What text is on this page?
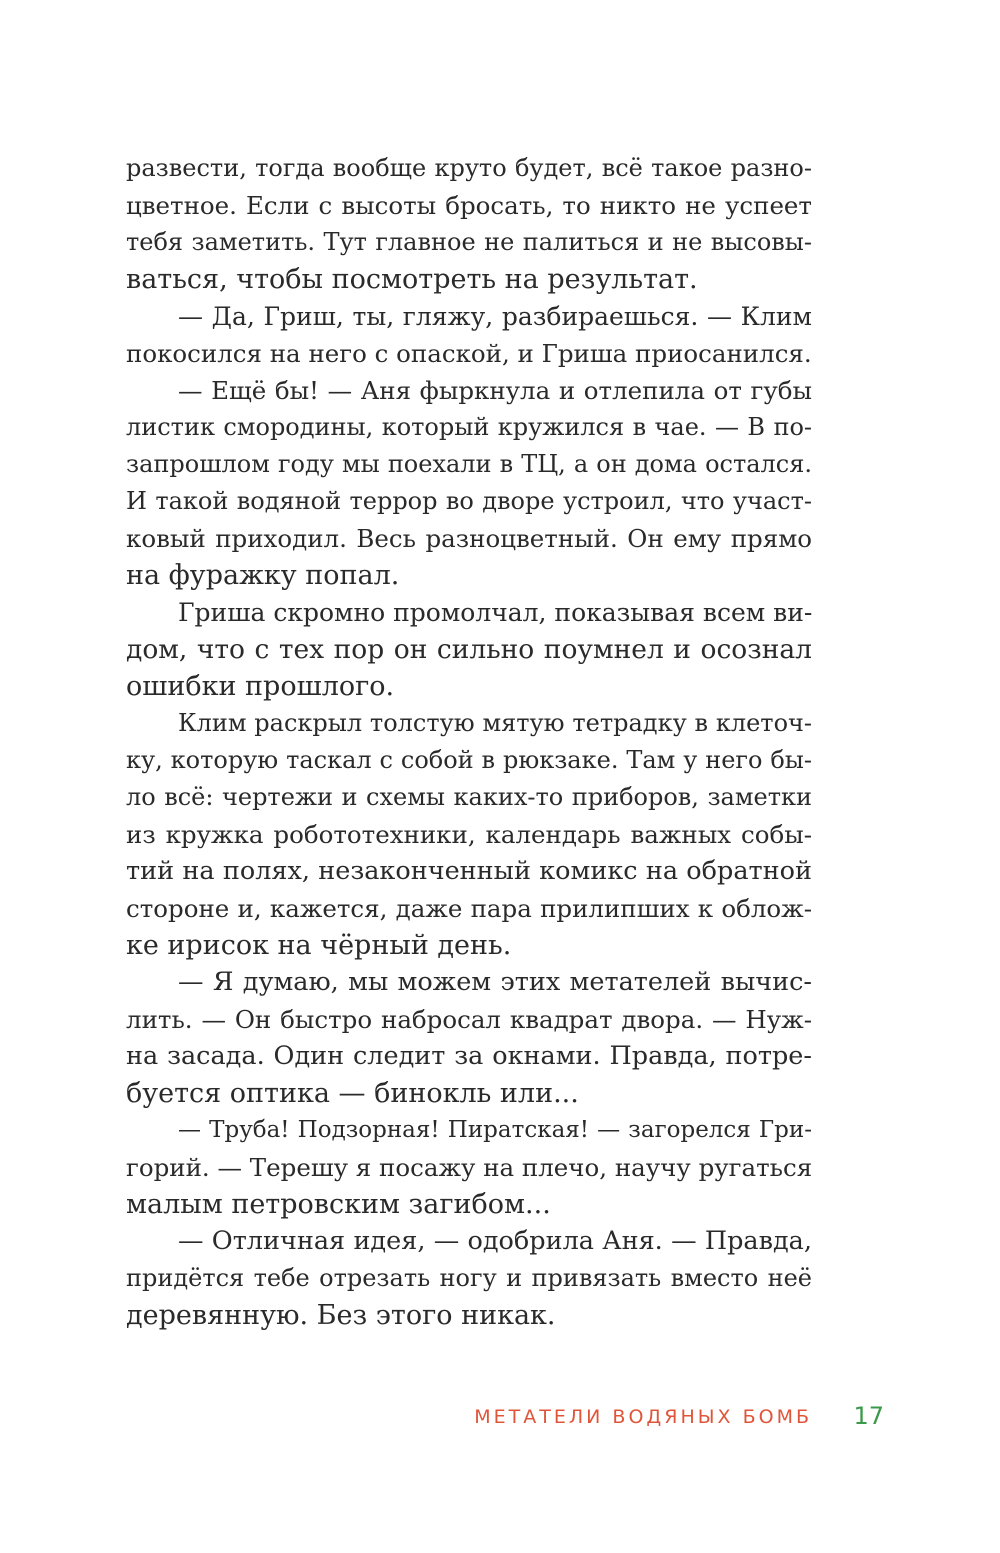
развести, тогда вообще круто будет, всё такое разно-
цветное. Если с высоты бросать, то никто не успеет
тебя заметить. Тут главное не палиться и не высовы-
ваться, чтобы посмотреть на результат.
— Да, Гриш, ты, гляжу, разбираешься. — Клим
покосился на него с опаской, и Гриша приосанился.
— Ещё бы! — Аня фыркнула и отлепила от губы
листик смородины, который кружился в чае. — В по-
запрошлом году мы поехали в ТЦ, а он дома остался.
И такой водяной террор во дворе устроил, что участ-
ковый приходил. Весь разноцветный. Он ему прямо
на фуражку попал.
Гриша скромно промолчал, показывая всем ви-
дом, что с тех пор он сильно поумнел и осознал
ошибки прошлого.
Клим раскрыл толстую мятую тетрадку в клеточ-
ку, которую таскал с собой в рюкзаке. Там у него бы-
ло всё: чертежи и схемы каких-то приборов, заметки
из кружка робототехники, календарь важных собы-
тий на полях, незаконченный комикс на обратной
стороне и, кажется, даже пара прилипших к облож-
ке ирисок на чёрный день.
— Я думаю, мы можем этих метателей вычис-
лить. — Он быстро набросал квадрат двора. — Нуж-
на засада. Один следит за окнами. Правда, потре-
буется оптика — бинокль или...
— Труба! Подзорная! Пиратская! — загорелся Гри-
горий. — Терешу я посажу на плечо, научу ругаться
малым петровским загибом...
— Отличная идея, — одобрила Аня. — Правда,
придётся тебе отрезать ногу и привязать вместо неё
деревянную. Без этого никак.
МЕТАТЕЛИ ВОДЯНЫХ БОМБ 17
